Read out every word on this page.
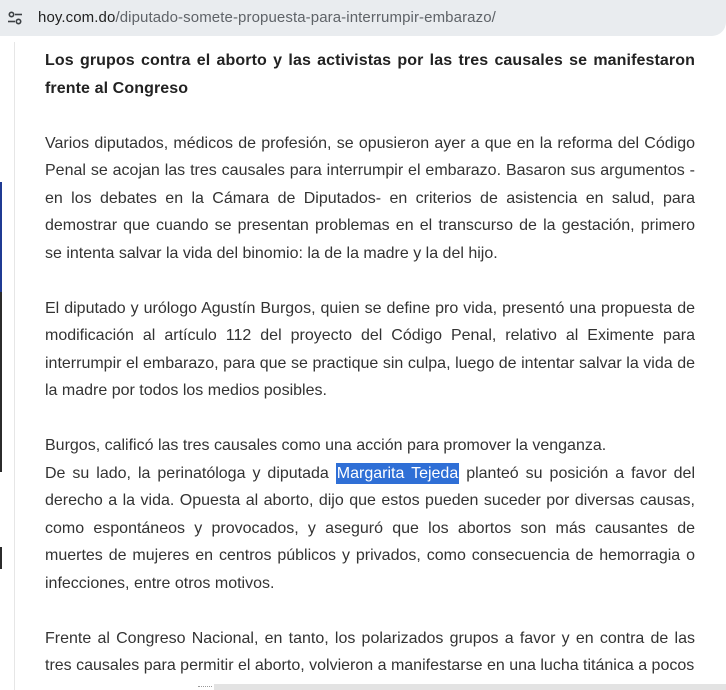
hoy.com.do/diputado-somete-propuesta-para-interrumpir-embarazo/

Los grupos contra el aborto y las activistas por las tres causales se manifestaron frente al Congreso

Varios diputados, médicos de profesión, se opusieron ayer a que en la reforma del Código Penal se acojan las tres causales para interrumpir el embarazo. Basaron sus argumentos -en los debates en la Cámara de Diputados- en criterios de asistencia en salud, para demostrar que cuando se presentan problemas en el transcurso de la gestación, primero se intenta salvar la vida del binomio: la de la madre y la del hijo.

El diputado y urólogo Agustín Burgos, quien se define pro vida, presentó una propuesta de modificación al artículo 112 del proyecto del Código Penal, relativo al Eximente para interrumpir el embarazo, para que se practique sin culpa, luego de intentar salvar la vida de la madre por todos los medios posibles.

Burgos, calificó las tres causales como una acción para promover la venganza.

De su lado, la perinatóloga y diputada Margarita Tejeda planteó su posición a favor del derecho a la vida. Opuesta al aborto, dijo que estos pueden suceder por diversas causas, como espontáneos y provocados, y aseguró que los abortos son más causantes de muertes de mujeres en centros públicos y privados, como consecuencia de hemorragia o infecciones, entre otros motivos.

Frente al Congreso Nacional, en tanto, los polarizados grupos a favor y en contra de las tres causales para permitir el aborto, volvieron a manifestarse en una lucha titánica a pocos
